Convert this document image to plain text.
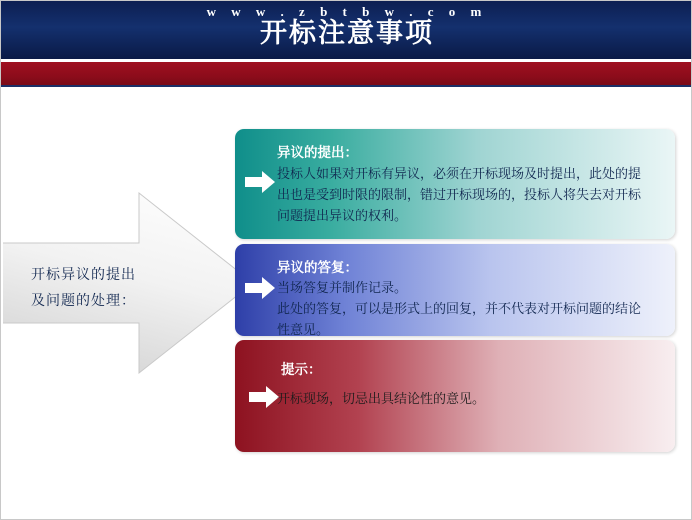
开标注意事项
w w w . z b t b w . c o m
开标异议的提出
及问题的处理：
异议的提出：
投标人如果对开标有异议，必须在开标现场及时提出，此处的提出也是受到时限的限制，错过开标现场的，投标人将失去对开标问题提出异议的权利。
异议的答复：
当场答复并制作记录。
此处的答复，可以是形式上的回复，并不代表对开标问题的结论性意见。
提示：
开标现场，切忌出具结论性的意见。
